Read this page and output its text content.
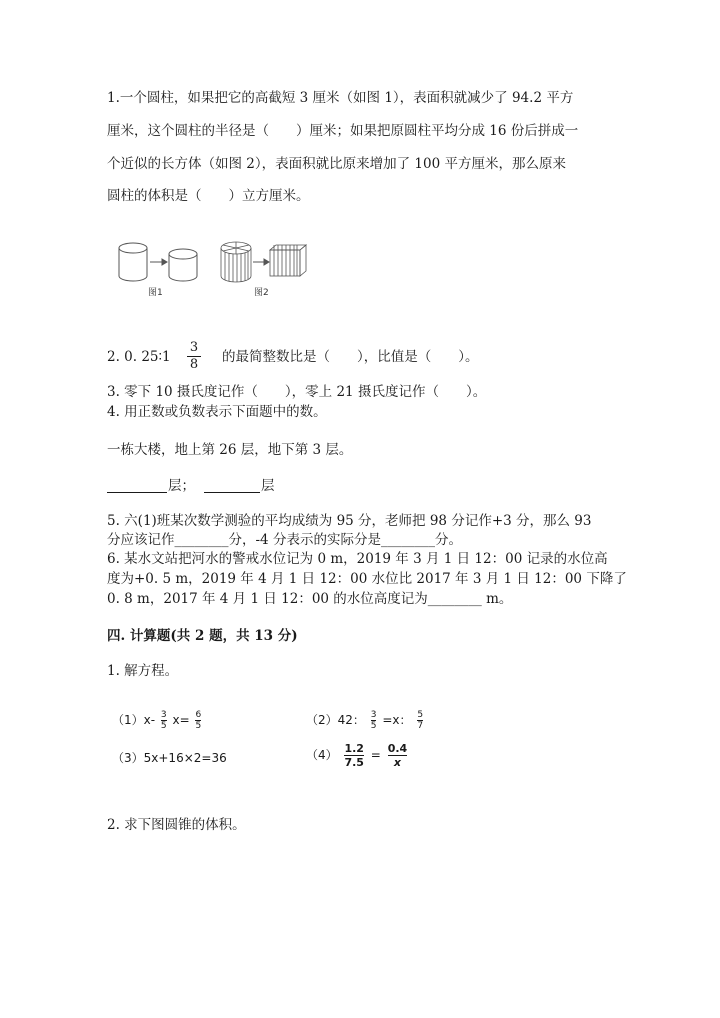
1.一个圆柱，如果把它的高截短 3 厘米（如图 1），表面积就减少了 94.2 平方
厘米，这个圆柱的半径是（　　）厘米；如果把原圆柱平均分成 16 份后拼成一
个近似的长方体（如图 2），表面积就比原来增加了 100 平方厘米，那么原来
圆柱的体积是（　　）立方厘米。
图1	图2
2. 0. 25∶1
3
8 的最简整数比是（　　），比值是（　　）。
3. 零下 10 摄氏度记作（　　），零上 21 摄氏度记作（　　）。
4. 用正数或负数表示下面题中的数。
一栋大楼，地上第 26 层，地下第 3 层。
层；	层
5. 六(1)班某次数学测验的平均成绩为 95 分，老师把 98 分记作+3 分，那么 93
分应该记作________分，-4 分表示的实际分是________分。
6. 某水文站把河水的警戒水位记为 0 m，2019 年 3 月 1 日 12：00 记录的水位高
度为+0. 5 m，2019 年 4 月 1 日 12：00 水位比 2017 年 3 月 1 日 12：00 下降了
0. 8 m，2017 年 4 月 1 日 12：00 的水位高度记为________ m。
四. 计算题(共 2 题，共 13 分)
1. 解方程。
$(1)x- \frac{3}{5} x= \frac{6}{5}$	（2）42： $\frac{3}{5} =x$： $\frac{5}{7}$
（3）5x+16×2=36	$(4) \frac{1.2}{7.5} = \frac{0.4}{x}$
2. 求下图圆锥的体积。
